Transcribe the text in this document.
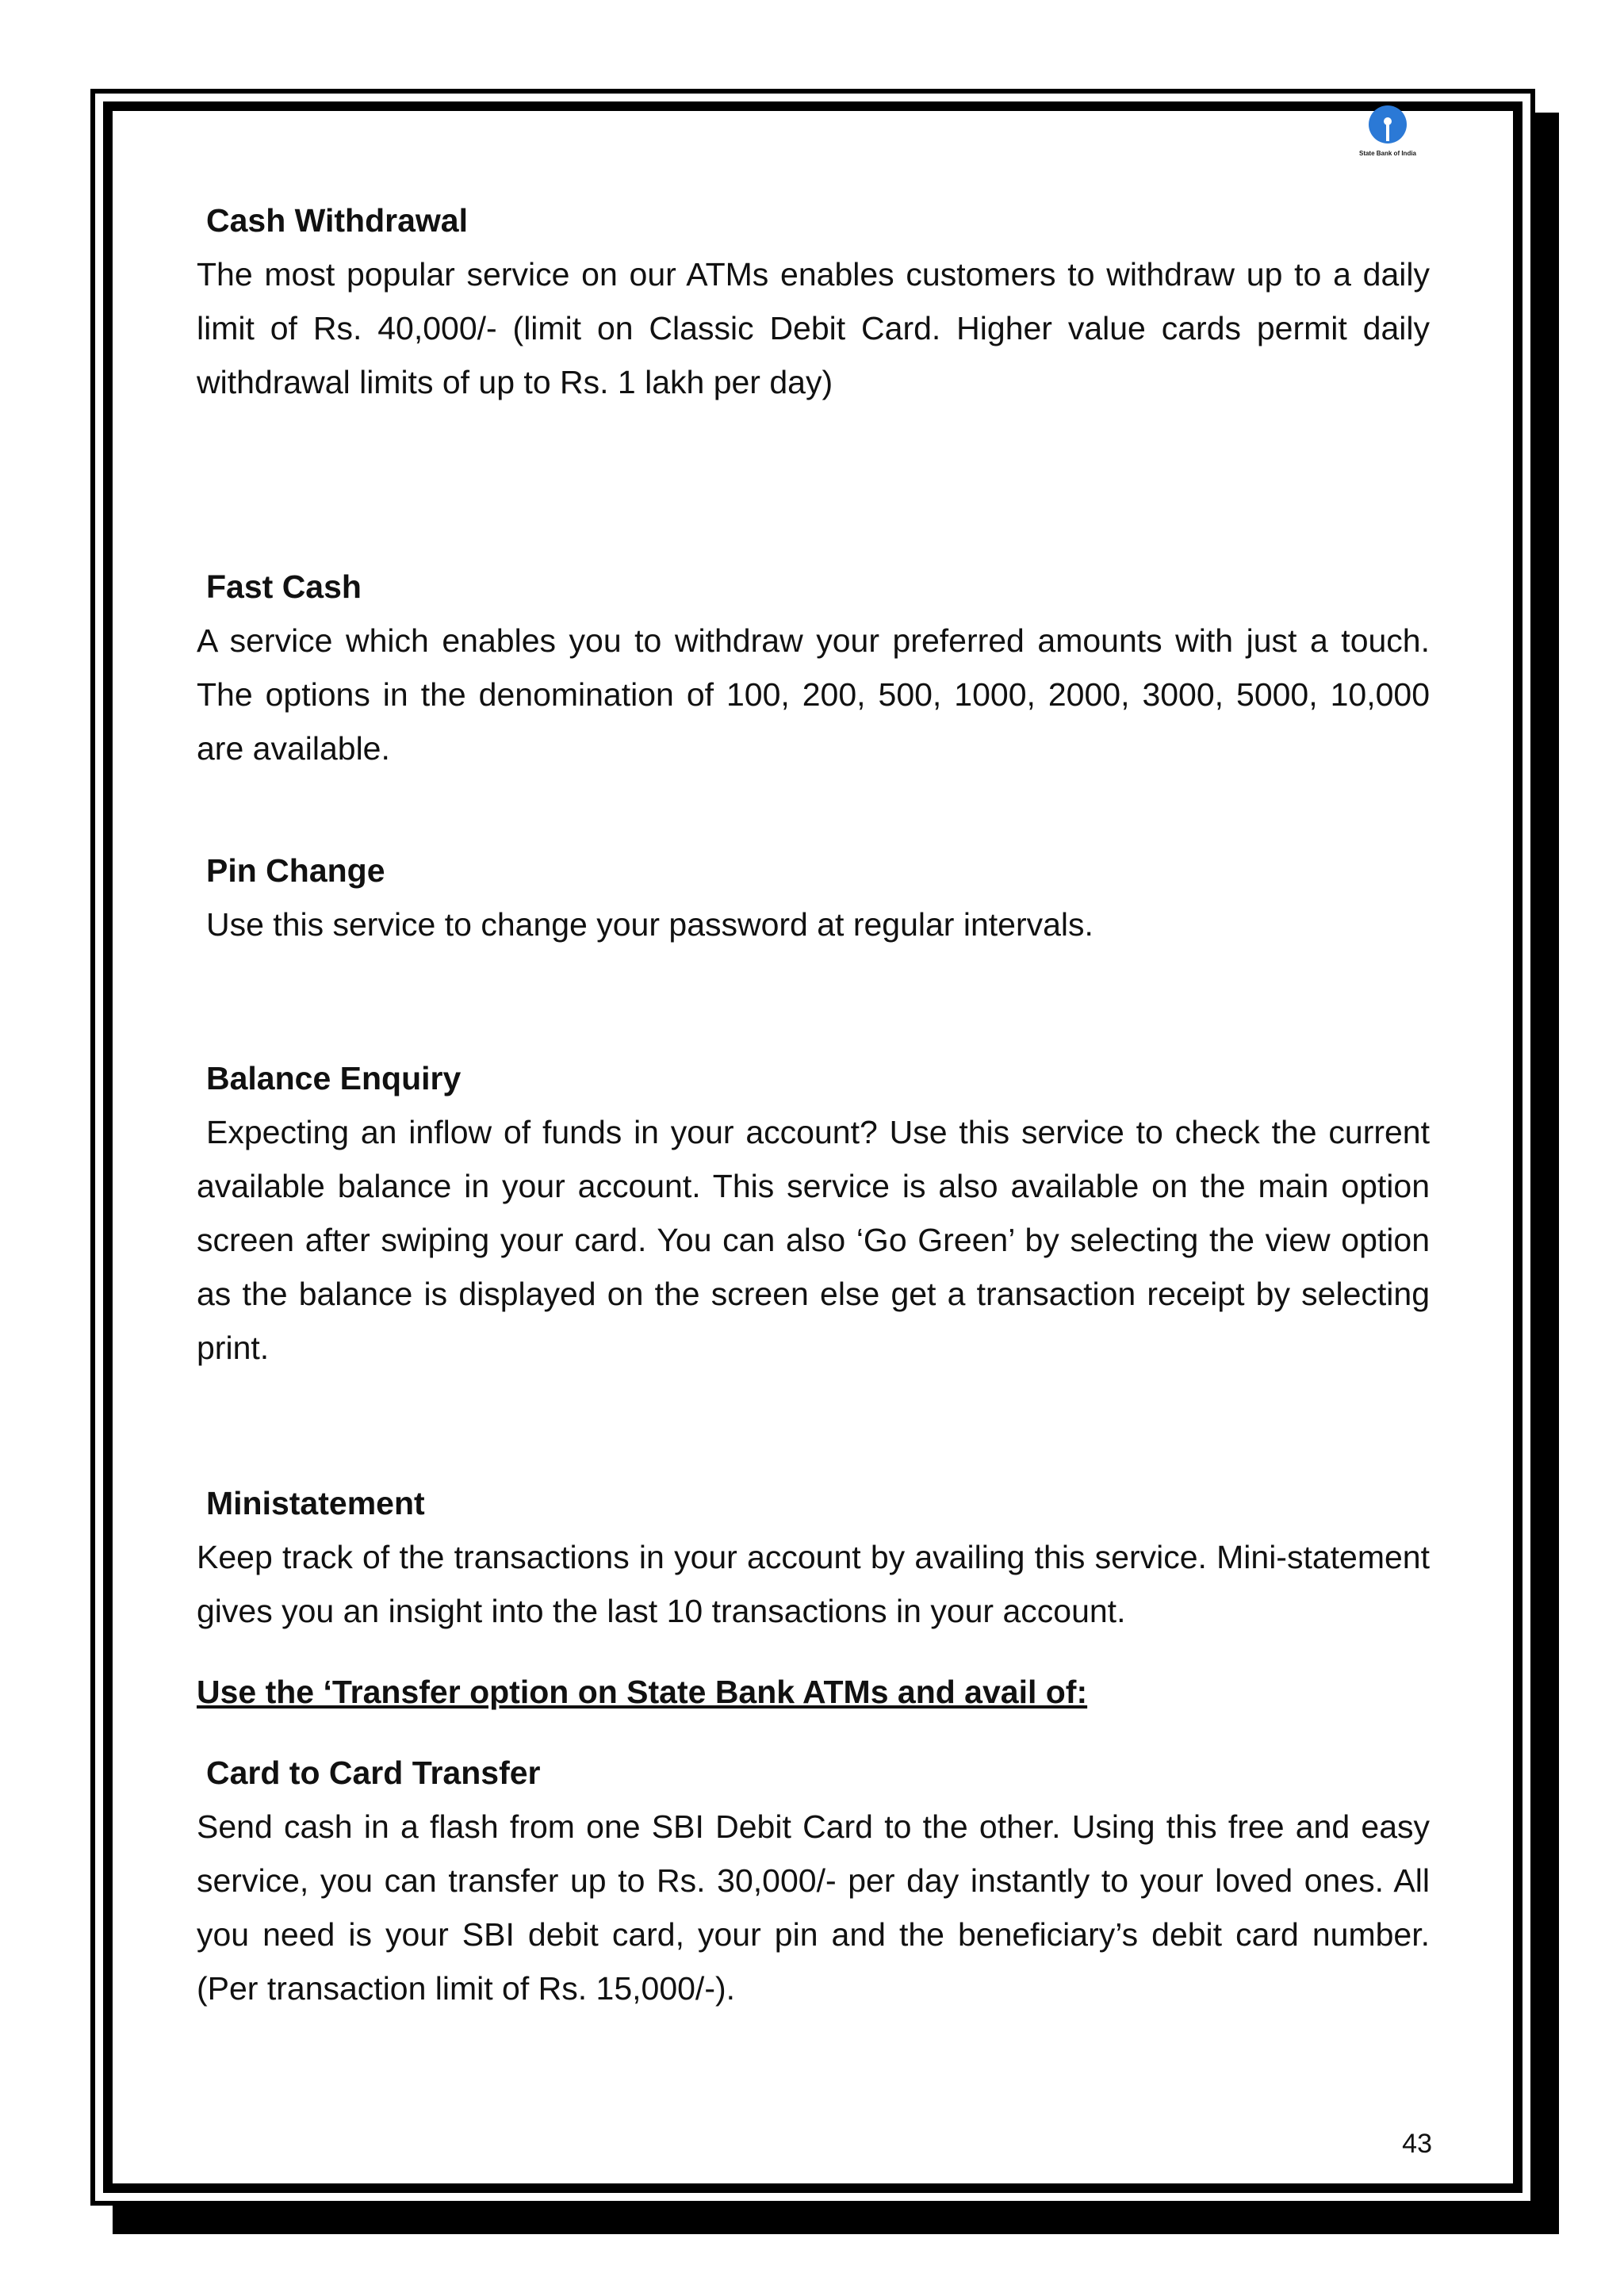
State Bank of India

Cash Withdrawal

The most popular service on our ATMs enables customers to withdraw up to a daily limit of Rs. 40,000/- (limit on Classic Debit Card. Higher value cards permit daily withdrawal limits of up to Rs. 1 lakh per day)

Fast Cash

A service which enables you to withdraw your preferred amounts with just a touch. The options in the denomination of 100, 200, 500, 1000, 2000, 3000, 5000, 10,000 are available.

Pin Change

Use this service to change your password at regular intervals.

Balance Enquiry

Expecting an inflow of funds in your account? Use this service to check the current available balance in your account. This service is also available on the main option screen after swiping your card. You can also ‘Go Green’ by selecting the view option as the balance is displayed on the screen else get a transaction receipt by selecting print.

Ministatement

Keep track of the transactions in your account by availing this service. Mini-statement gives you an insight into the last 10 transactions in your account.

Use the ‘Transfer option on State Bank ATMs and avail of:

Card to Card Transfer

Send cash in a flash from one SBI Debit Card to the other. Using this free and easy service, you can transfer up to Rs. 30,000/- per day instantly to your loved ones. All you need is your SBI debit card, your pin and the beneficiary’s debit card number. (Per transaction limit of Rs. 15,000/-).

43
